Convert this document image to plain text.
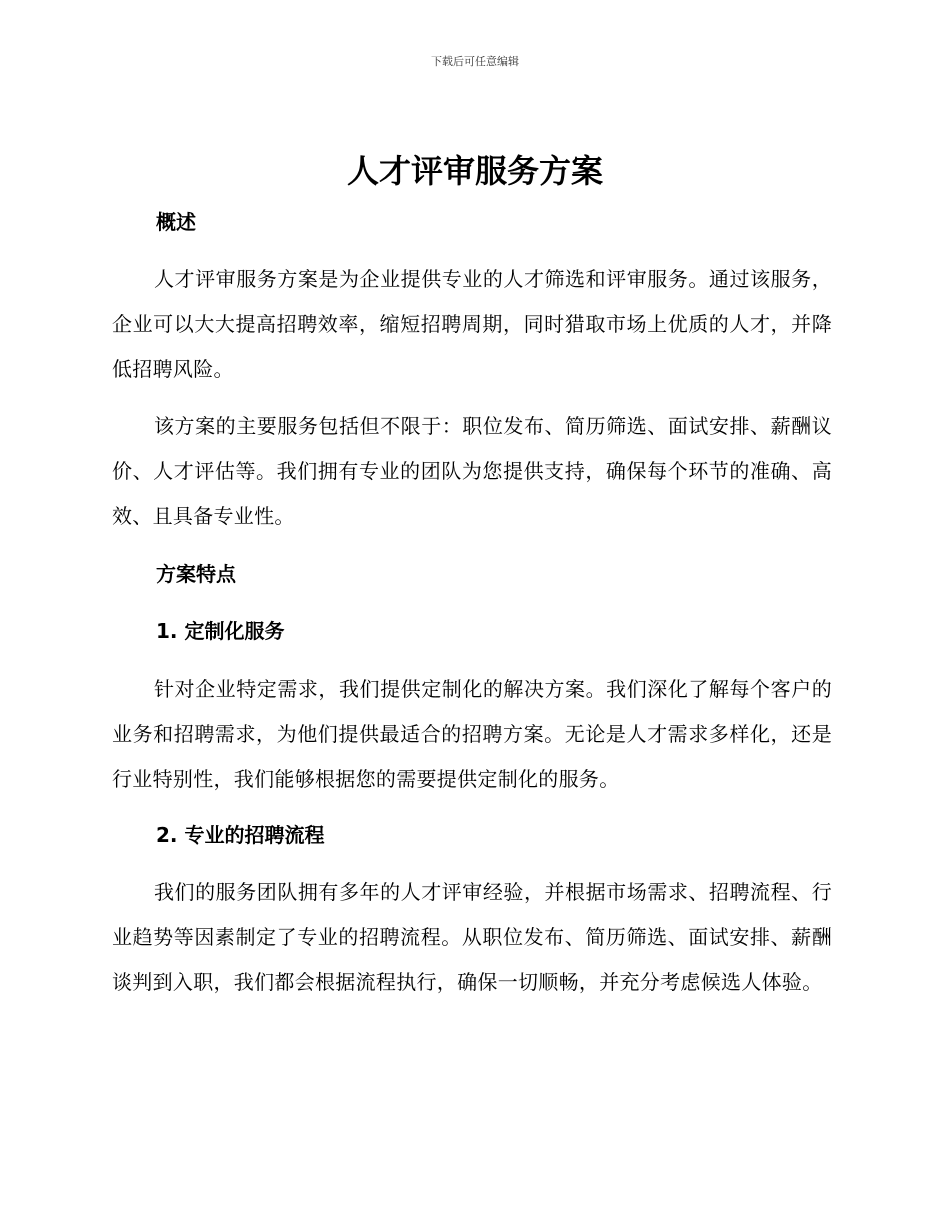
下载后可任意编辑
人才评审服务方案
概述

人才评审服务方案是为企业提供专业的人才筛选和评审服务。通过该服务，企业可以大大提高招聘效率，缩短招聘周期，同时猎取市场上优质的人才，并降低招聘风险。

该方案的主要服务包括但不限于：职位发布、简历筛选、面试安排、薪酬议价、人才评估等。我们拥有专业的团队为您提供支持，确保每个环节的准确、高效、且具备专业性。

方案特点
1. 定制化服务

针对企业特定需求，我们提供定制化的解决方案。我们深化了解每个客户的业务和招聘需求，为他们提供最适合的招聘方案。无论是人才需求多样化，还是行业特别性，我们能够根据您的需要提供定制化的服务。

2. 专业的招聘流程

我们的服务团队拥有多年的人才评审经验，并根据市场需求、招聘流程、行业趋势等因素制定了专业的招聘流程。从职位发布、简历筛选、面试安排、薪酬谈判到入职，我们都会根据流程执行，确保一切顺畅，并充分考虑候选人体验。
